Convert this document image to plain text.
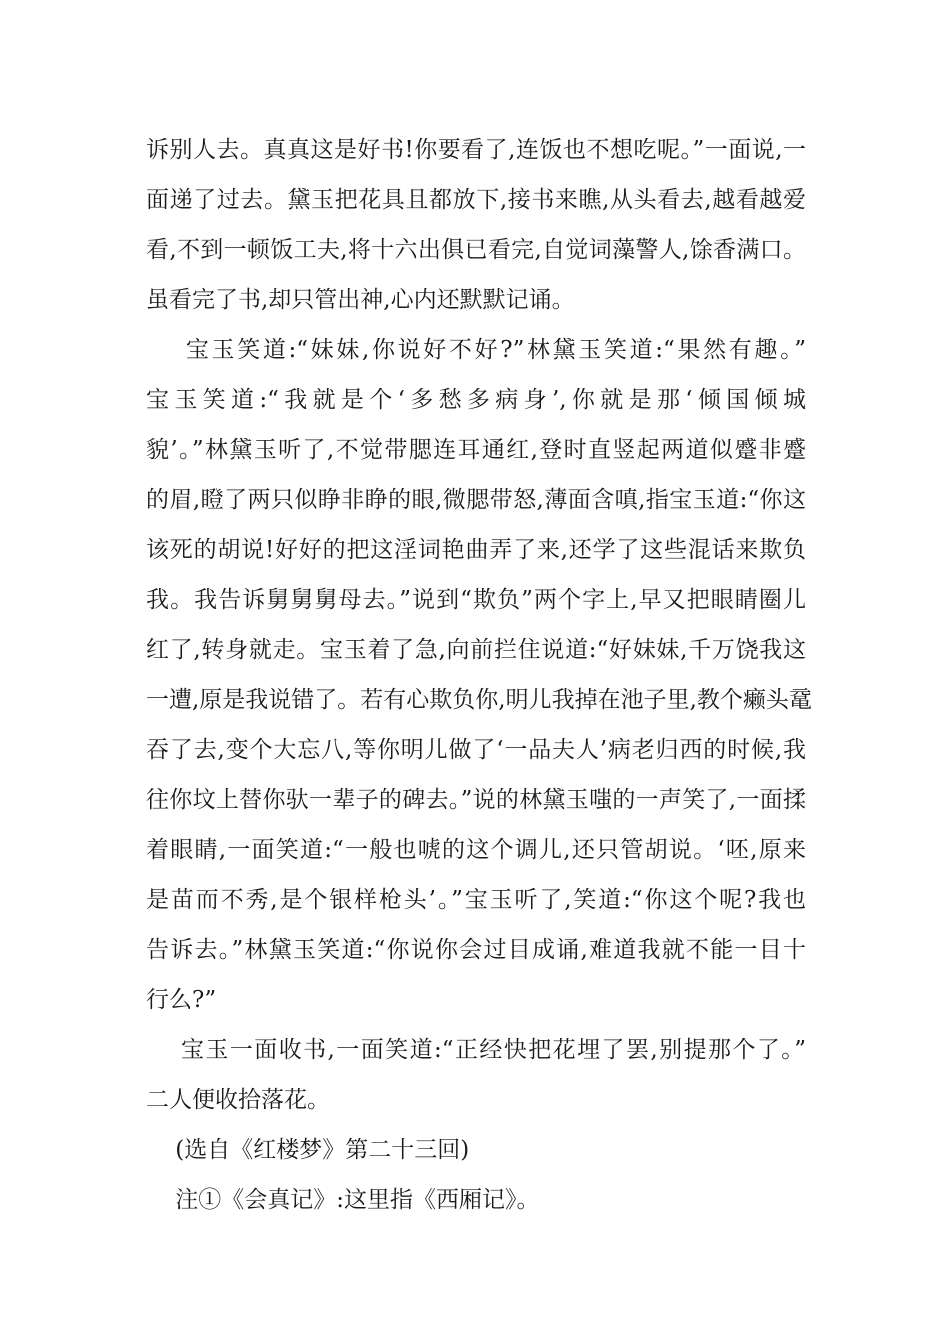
诉别人去。真真这是好书!你要看了,连饭也不想吃呢。”一面说,一
面递了过去。黛玉把花具且都放下,接书来瞧,从头看去,越看越爱
看,不到一顿饭工夫,将十六出俱已看完,自觉词藻警人,馀香满口。
虽看完了书,却只管出神,心内还默默记诵。
宝玉笑道:“妹妹,你说好不好?”林黛玉笑道:“果然有趣。”
宝玉笑道:“我就是个‘多愁多病身’,你就是那‘倾国倾城
貌’。”林黛玉听了,不觉带腮连耳通红,登时直竖起两道似蹙非蹙
的眉,瞪了两只似睁非睁的眼,微腮带怒,薄面含嗔,指宝玉道:“你这
该死的胡说!好好的把这淫词艳曲弄了来,还学了这些混话来欺负
我。我告诉舅舅舅母去。”说到“欺负”两个字上,早又把眼睛圈儿
红了,转身就走。宝玉着了急,向前拦住说道:“好妹妹,千万饶我这
一遭,原是我说错了。若有心欺负你,明儿我掉在池子里,教个癞头鼋
吞了去,变个大忘八,等你明儿做了‘一品夫人’病老归西的时候,我
往你坟上替你驮一辈子的碑去。”说的林黛玉嗤的一声笑了,一面揉
着眼睛,一面笑道:“一般也唬的这个调儿,还只管胡说。‘呸,原来
是苗而不秀,是个银样枪头’。”宝玉听了,笑道:“你这个呢?我也
告诉去。”林黛玉笑道:“你说你会过目成诵,难道我就不能一目十
行么?”
宝玉一面收书,一面笑道:“正经快把花埋了罢,别提那个了。”
二人便收拾落花。
(选自《红楼梦》第二十三回)
注①《会真记》:这里指《西厢记》。
